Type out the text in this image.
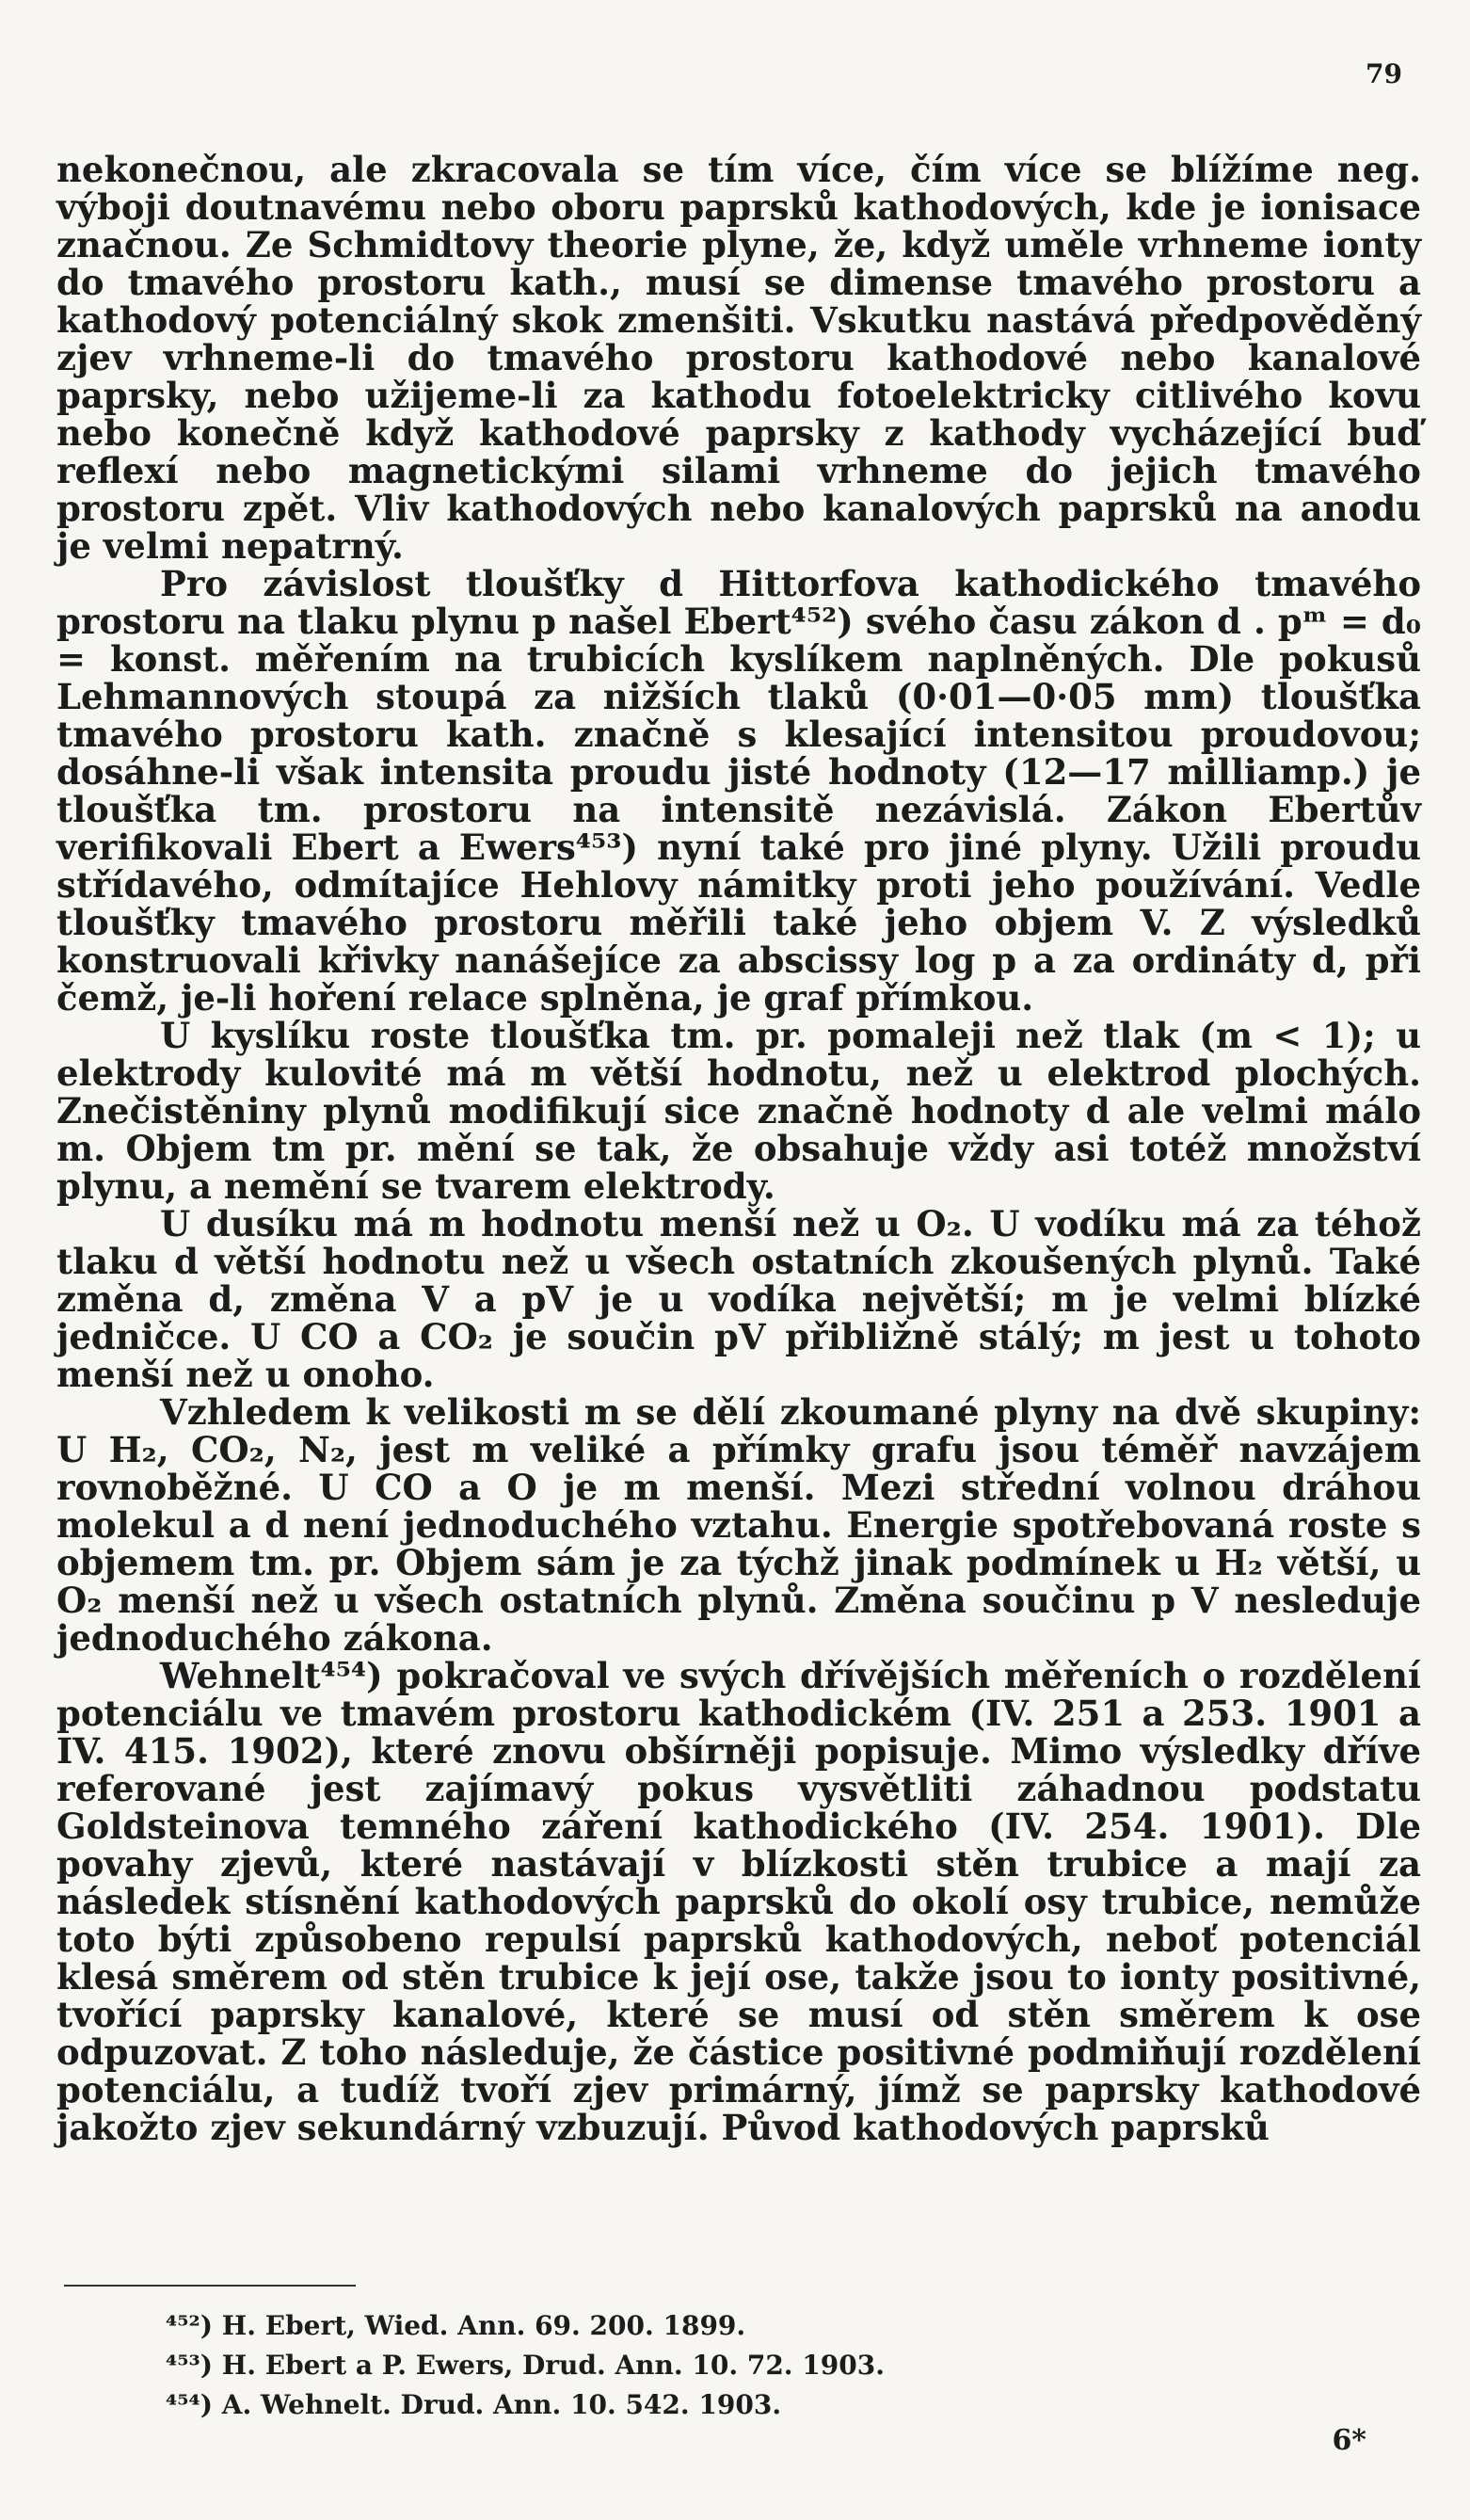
79

nekonečnou, ale zkracovala se tím více, čím více se blížíme neg. výboji doutnavému nebo oboru paprsků kathodových, kde je ionisace značnou. Ze Schmidtovy theorie plyne, že, když uměle vrhneme ionty do tmavého prostoru kath., musí se dimense tmavého prostoru a kathodový potenciálný skok zmenšiti. Vskutku nastává předpověděný zjev vrhneme-li do tmavého prostoru kathodové nebo kanalové paprsky, nebo užijeme-li za kathodu fotoelektricky citlivého kovu nebo konečně když kathodové paprsky z kathody vycházející buď reflexí nebo magnetickými silami vrhneme do jejich tmavého prostoru zpět. Vliv kathodových nebo kanalových paprsků na anodu je velmi nepatrný.

Pro závislost tloušťky d Hittorfova kathodického tmavého prostoru na tlaku plynu p našel Ebert⁴⁵²) svého času zákon d . pᵐ = d₀ = konst. měřením na trubicích kyslíkem naplněných. Dle pokusů Lehmannových stoupá za nižších tlaků (0·01—0·05 mm) tloušťka tmavého prostoru kath. značně s klesající intensitou proudovou; dosáhne-li však intensita proudu jisté hodnoty (12—17 milliamp.) je tloušťka tm. prostoru na intensitě nezávislá. Zákon Ebertův verifikovali Ebert a Ewers⁴⁵³) nyní také pro jiné plyny. Užili proudu střídavého, odmítajíce Hehlovy námitky proti jeho používání. Vedle tloušťky tmavého prostoru měřili také jeho objem V. Z výsledků konstruovali křivky nanášejíce za abscissy log p a za ordináty d, při čemž, je-li hoření relace splněna, je graf přímkou.

U kyslíku roste tloušťka tm. pr. pomaleji než tlak (m < 1); u elektrody kulovité má m větší hodnotu, než u elektrod plochých. Znečistěniny plynů modifikují sice značně hodnoty d ale velmi málo m. Objem tm pr. mění se tak, že obsahuje vždy asi totéž množství plynu, a nemění se tvarem elektrody.

U dusíku má m hodnotu menší než u O₂. U vodíku má za téhož tlaku d větší hodnotu než u všech ostatních zkoušených plynů. Také změna d, změna V a pV je u vodíka největší; m je velmi blízké jedničce. U CO a CO₂ je součin pV přibližně stálý; m jest u tohoto menší než u onoho.

Vzhledem k velikosti m se dělí zkoumané plyny na dvě skupiny: U H₂, CO₂, N₂, jest m veliké a přímky grafu jsou téměř navzájem rovnoběžné. U CO a O je m menší. Mezi střední volnou dráhou molekul a d není jednoduchého vztahu. Energie spotřebovaná roste s objemem tm. pr. Objem sám je za týchž jinak podmínek u H₂ větší, u O₂ menší než u všech ostatních plynů. Změna součinu p V nesleduje jednoduchého zákona.

Wehnelt⁴⁵⁴) pokračoval ve svých dřívějších měřeních o rozdělení potenciálu ve tmavém prostoru kathodickém (IV. 251 a 253. 1901 a IV. 415. 1902), které znovu obšírněji popisuje. Mimo výsledky dříve referované jest zajímavý pokus vysvětliti záhadnou podstatu Goldsteinova temného záření kathodického (IV. 254. 1901). Dle povahy zjevů, které nastávají v blízkosti stěn trubice a mají za následek stísnění kathodových paprsků do okolí osy trubice, nemůže toto býti způsobeno repulsí paprsků kathodových, neboť potenciál klesá směrem od stěn trubice k její ose, takže jsou to ionty positivné, tvořící paprsky kanalové, které se musí od stěn směrem k ose odpuzovat. Z toho následuje, že částice positivné podmiňují rozdělení potenciálu, a tudíž tvoří zjev primárný, jímž se paprsky kathodové jakožto zjev sekundárný vzbuzují. Původ kathodových paprsků

⁴⁵²) H. Ebert, Wied. Ann. 69. 200. 1899.
⁴⁵³) H. Ebert a P. Ewers, Drud. Ann. 10. 72. 1903.
⁴⁵⁴) A. Wehnelt. Drud. Ann. 10. 542. 1903.
6*
